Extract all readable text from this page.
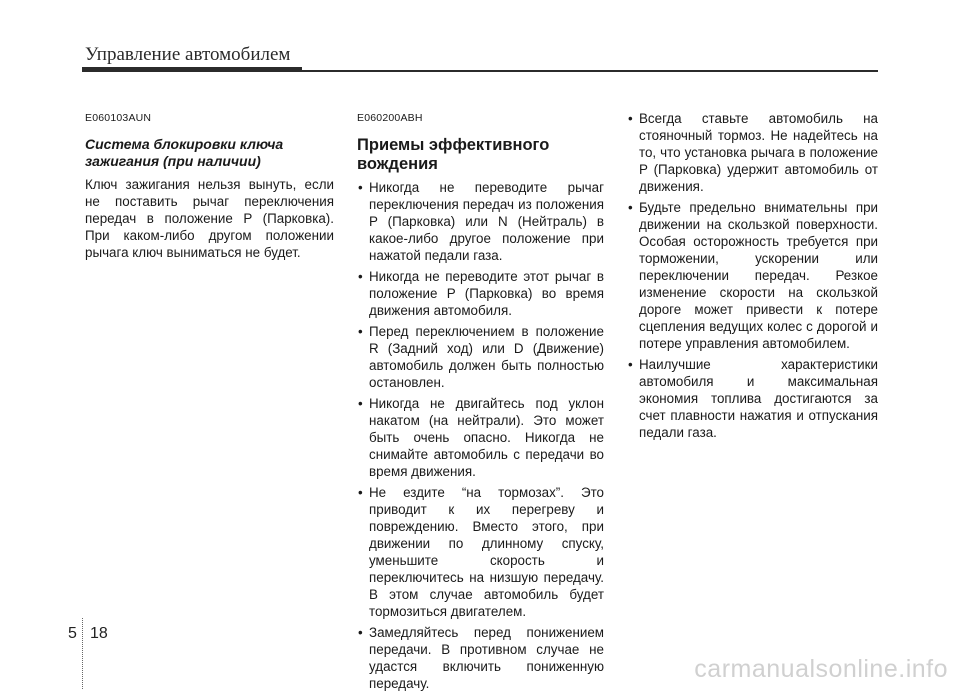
Управление автомобилем

E060103AUN

Система блокировки ключа
зажигания (при наличии)

Ключ зажигания нельзя вынуть, если не поставить рычаг переключения передач в положение P (Парковка). При каком-либо другом положении рычага ключ выниматься не будет.

E060200ABH

Приемы эффективного
вождения
• Никогда не переводите рычаг переключения передач из положения P (Парковка) или N (Нейтраль) в какое-либо другое положение при нажатой педали газа.
• Никогда не переводите этот рычаг в положение P (Парковка) во время движения автомобиля.
• Перед переключением в положение R (Задний ход) или D (Движение) автомобиль должен быть полностью остановлен.
• Никогда не двигайтесь под уклон накатом (на нейтрали). Это может быть очень опасно. Никогда не снимайте автомобиль с передачи во время движения.
• Не ездите “на тормозах”. Это приводит к их перегреву и повреждению. Вместо этого, при движении по длинному спуску, уменьшите скорость и переключитесь на низшую передачу. В этом случае автомобиль будет тормозиться двигателем.
• Замедляйтесь перед понижением передачи. В противном случае не удастся включить пониженную передачу.
• Всегда ставьте автомобиль на стояночный тормоз. Не надейтесь на то, что установка рычага в положение P (Парковка) удержит автомобиль от движения.
• Будьте предельно внимательны при движении на скользкой поверхности. Особая осторожность требуется при торможении, ускорении или переключении передач. Резкое изменение скорости на скользкой дороге может привести к потере сцепления ведущих колес с дорогой и потере управления автомобилем.
• Наилучшие характеристики автомобиля и максимальная экономия топлива достигаются за счет плавности нажатия и отпускания педали газа.
5 18
carmanualsonline.info
